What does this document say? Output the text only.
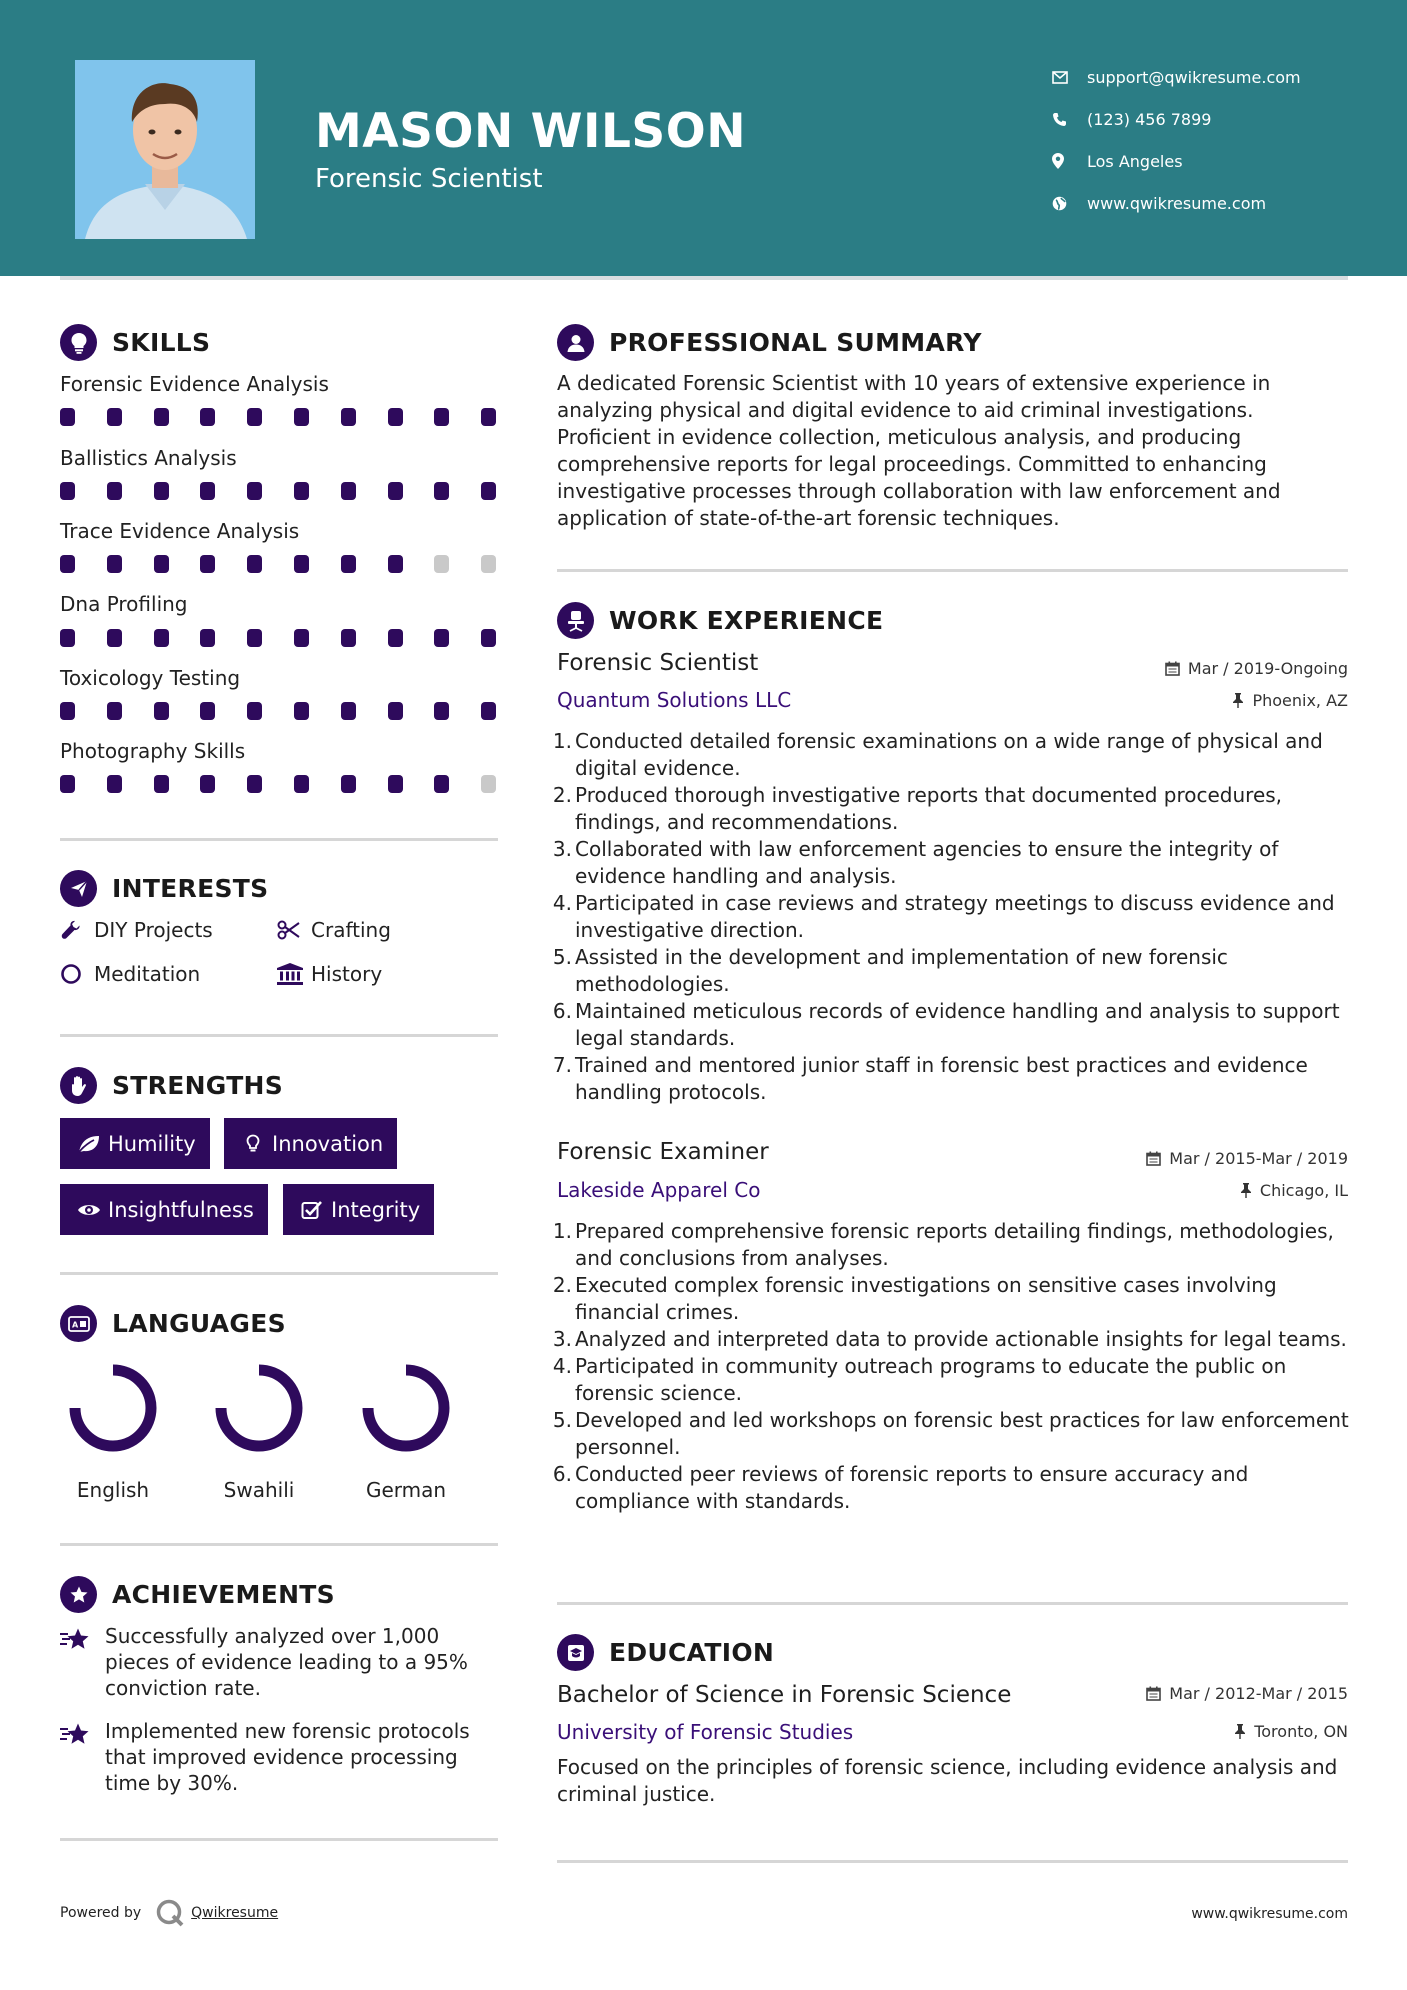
MASON WILSON
Forensic Scientist
support@qwikresume.com
(123) 456 7899
Los Angeles
www.qwikresume.com
SKILLS
Forensic Evidence Analysis
Ballistics Analysis
Trace Evidence Analysis
Dna Profiling
Toxicology Testing
Photography Skills
INTERESTS
DIY Projects	Crafting
Meditation	History
STRENGTHS
Humility	Innovation
Insightfulness	Integrity
A LANGUAGES
English	Swahili	German
ACHIEVEMENTS
Successfully analyzed over 1,000 pieces of evidence leading to a 95% conviction rate.
Implemented new forensic protocols that improved evidence processing time by 30%.
PROFESSIONAL SUMMARY
A dedicated Forensic Scientist with 10 years of extensive experience in analyzing physical and digital evidence to aid criminal investigations. Proficient in evidence collection, meticulous analysis, and producing comprehensive reports for legal proceedings. Committed to enhancing investigative processes through collaboration with law enforcement and application of state-of-the-art forensic techniques.
WORK EXPERIENCE
Forensic Scientist	Mar / 2019-Ongoing
Quantum Solutions LLC	Phoenix, AZ
1. Conducted detailed forensic examinations on a wide range of physical and digital evidence.
2. Produced thorough investigative reports that documented procedures, findings, and recommendations.
3. Collaborated with law enforcement agencies to ensure the integrity of evidence handling and analysis.
4. Participated in case reviews and strategy meetings to discuss evidence and investigative direction.
5. Assisted in the development and implementation of new forensic methodologies.
6. Maintained meticulous records of evidence handling and analysis to support legal standards.
7. Trained and mentored junior staff in forensic best practices and evidence handling protocols.
Forensic Examiner	Mar / 2015-Mar / 2019
Lakeside Apparel Co	Chicago, IL
1. Prepared comprehensive forensic reports detailing findings, methodologies, and conclusions from analyses.
2. Executed complex forensic investigations on sensitive cases involving financial crimes.
3. Analyzed and interpreted data to provide actionable insights for legal teams.
4. Participated in community outreach programs to educate the public on forensic science.
5. Developed and led workshops on forensic best practices for law enforcement personnel.
6. Conducted peer reviews of forensic reports to ensure accuracy and compliance with standards.
EDUCATION
Bachelor of Science in Forensic Science	Mar / 2012-Mar / 2015
University of Forensic Studies	Toronto, ON
Focused on the principles of forensic science, including evidence analysis and criminal justice.
Powered by	Qwikresume	www.qwikresume.com
